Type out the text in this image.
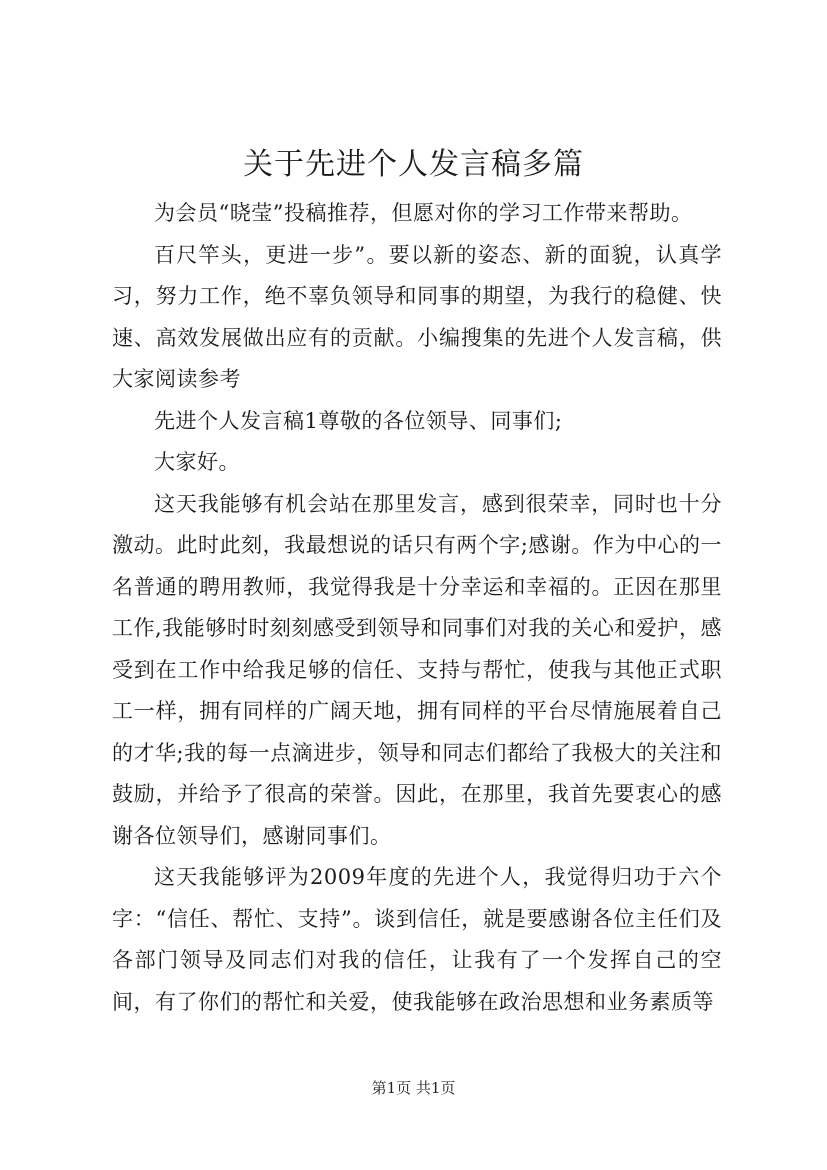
关于先进个人发言稿多篇

为会员“晓莹”投稿推荐，但愿对你的学习工作带来帮助。

百尺竿头，更进一步”。要以新的姿态、新的面貌，认真学习，努力工作，绝不辜负领导和同事的期望，为我行的稳健、快速、高效发展做出应有的贡献。小编搜集的先进个人发言稿，供大家阅读参考

先进个人发言稿1尊敬的各位领导、同事们;

大家好。

这天我能够有机会站在那里发言，感到很荣幸，同时也十分激动。此时此刻，我最想说的话只有两个字;感谢。作为中心的一名普通的聘用教师，我觉得我是十分幸运和幸福的。正因在那里工作,我能够时时刻刻感受到领导和同事们对我的关心和爱护，感受到在工作中给我足够的信任、支持与帮忙，使我与其他正式职工一样，拥有同样的广阔天地，拥有同样的平台尽情施展着自己的才华;我的每一点滴进步，领导和同志们都给了我极大的关注和鼓励，并给予了很高的荣誉。因此，在那里，我首先要衷心的感谢各位领导们，感谢同事们。

这天我能够评为2009年度的先进个人，我觉得归功于六个字：“信任、帮忙、支持”。谈到信任，就是要感谢各位主任们及各部门领导及同志们对我的信任，让我有了一个发挥自己的空间，有了你们的帮忙和关爱，使我能够在政治思想和业务素质等

第1页 共1页
